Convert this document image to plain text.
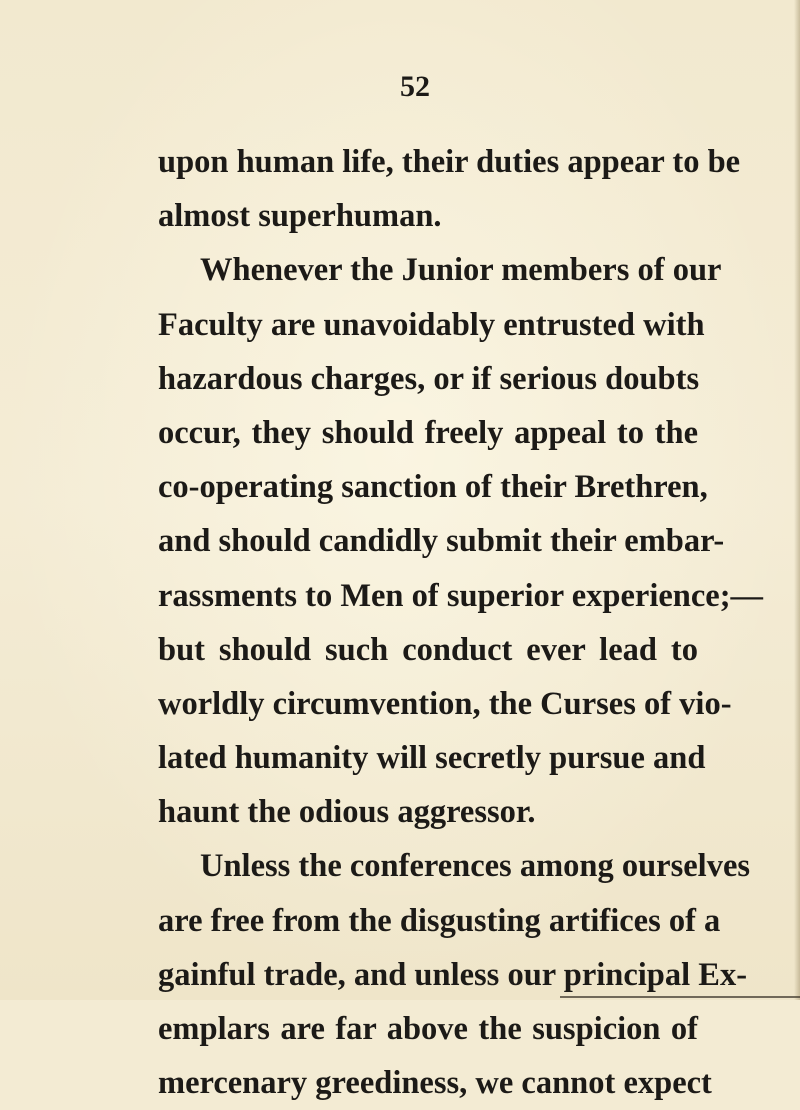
52
upon human life, their duties appear to be
almost superhuman.
Whenever the Junior members of our
Faculty are unavoidably entrusted with
hazardous charges, or if serious doubts
occur, they should freely appeal to the
co-operating sanction of their Brethren,
and should candidly submit their embar-
rassments to Men of superior experience;—
but should such conduct ever lead to
worldly circumvention, the Curses of vio-
lated humanity will secretly pursue and
haunt the odious aggressor.
Unless the conferences among ourselves
are free from the disgusting artifices of a
gainful trade, and unless our principal Ex-
emplars are far above the suspicion of
mercenary greediness, we cannot expect
